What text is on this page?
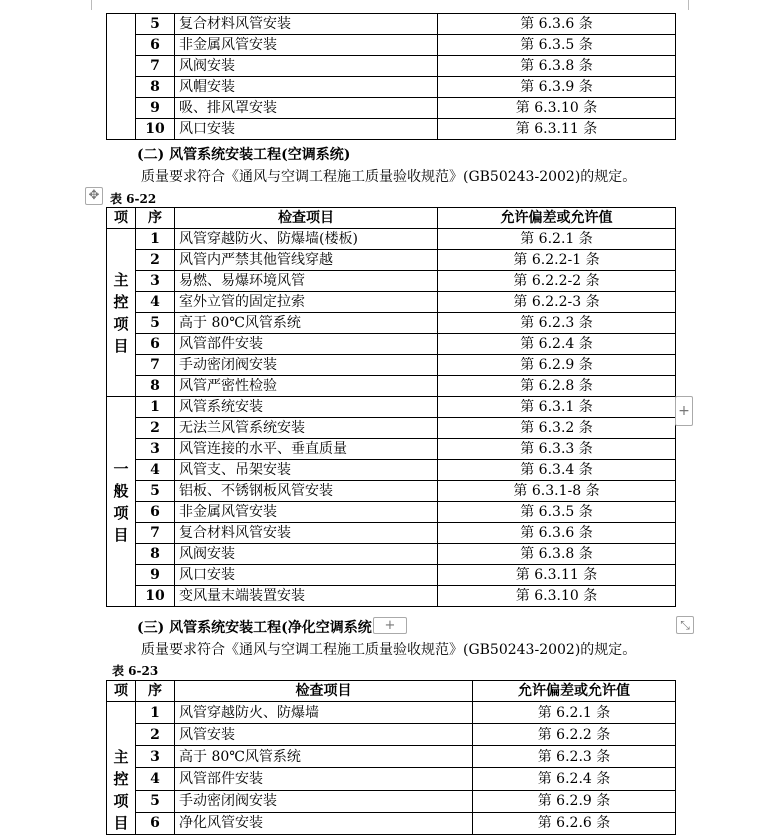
	5	复合材料风管安装	第 6.3.6 条
	6	非金属风管安装	第 6.3.5 条
	7	风阀安装	第 6.3.8 条
	8	风帽安装	第 6.3.9 条
	9	吸、排风罩安装	第 6.3.10 条
	10	风口安装	第 6.3.11 条
(二) 风管系统安装工程(空调系统)
质量要求符合《通风与空调工程施工质量验收规范》(GB50243-2002)的规定。
✥ 表 6-22
项	序	检查项目	允许偏差或允许值

主
控
项
目	1	风管穿越防火、防爆墙(楼板)	第 6.2.1 条
	2	风管内严禁其他管线穿越	第 6.2.2-1 条
	3	易燃、易爆环境风管	第 6.2.2-2 条
	4	室外立管的固定拉索	第 6.2.2-3 条
	5	高于 80℃风管系统	第 6.2.3 条
	6	风管部件安装	第 6.2.4 条
	7	手动密闭阀安装	第 6.2.9 条
	8	风管严密性检验	第 6.2.8 条

一
般
项
目	1	风管系统安装	第 6.3.1 条
	2	无法兰风管系统安装	第 6.3.2 条
	3	风管连接的水平、垂直质量	第 6.3.3 条
	4	风管支、吊架安装	第 6.3.4 条
	5	铝板、不锈钢板风管安装	第 6.3.1-8 条
	6	非金属风管安装	第 6.3.5 条
	7	复合材料风管安装	第 6.3.6 条
	8	风阀安装	第 6.3.8 条
	9	风口安装	第 6.3.11 条
	10	变风量末端装置安装	第 6.3.10 条
+
(三) 风管系统安装工程(净化空调系统 +	⤡
质量要求符合《通风与空调工程施工质量验收规范》(GB50243-2002)的规定。
表 6-23
项	序	检查项目	允许偏差或允许值

主
控
项
目	1	风管穿越防火、防爆墙	第 6.2.1 条
	2	风管安装	第 6.2.2 条
	3	高于 80℃风管系统	第 6.2.3 条
	4	风管部件安装	第 6.2.4 条
	5	手动密闭阀安装	第 6.2.9 条
	6	净化风管安装	第 6.2.6 条
